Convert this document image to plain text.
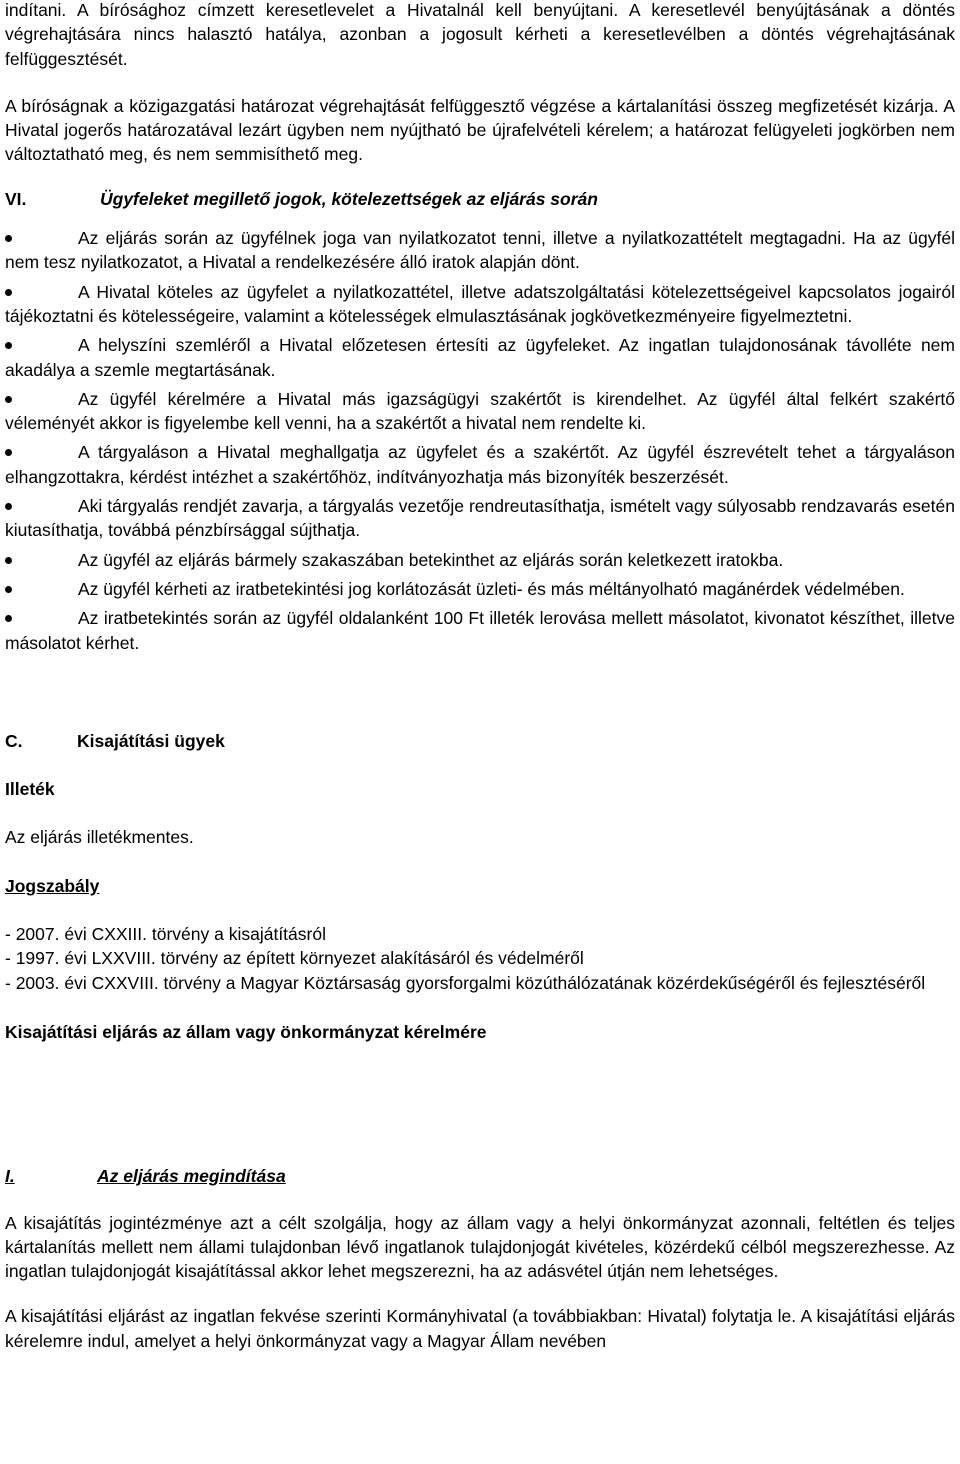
indítani. A bírósághoz címzett keresetlevelet a Hivatalnál kell benyújtani. A keresetlevél benyújtásának a döntés végrehajtására nincs halasztó hatálya, azonban a jogosult kérheti a keresetlevélben a döntés végrehajtásának felfüggesztését.

A bíróságnak a közigazgatási határozat végrehajtását felfüggesztő végzése a kártalanítási összeg megfizetését kizárja. A Hivatal jogerős határozatával lezárt ügyben nem nyújtható be újrafelvételi kérelem; a határozat felügyeleti jogkörben nem változtatható meg, és nem semmisíthető meg.

VI.	Ügyfeleket megillető jogok, kötelezettségek az eljárás során

Az eljárás során az ügyfélnek joga van nyilatkozatot tenni, illetve a nyilatkozattételt megtagadni. Ha az ügyfél nem tesz nyilatkozatot, a Hivatal a rendelkezésére álló iratok alapján dönt.

A Hivatal köteles az ügyfelet a nyilatkozattétel, illetve adatszolgáltatási kötelezettségeivel kapcsolatos jogairól tájékoztatni és kötelességeire, valamint a kötelességek elmulasztásának jogkövetkezményeire figyelmeztetni.

A helyszíni szemléről a Hivatal előzetesen értesíti az ügyfeleket. Az ingatlan tulajdonosának távolléte nem akadálya a szemle megtartásának.

Az ügyfél kérelmére a Hivatal más igazságügyi szakértőt is kirendelhet. Az ügyfél által felkért szakértő véleményét akkor is figyelembe kell venni, ha a szakértőt a hivatal nem rendelte ki.

A tárgyaláson a Hivatal meghallgatja az ügyfelet és a szakértőt. Az ügyfél észrevételt tehet a tárgyaláson elhangzottakra, kérdést intézhet a szakértőhöz, indítványozhatja más bizonyíték beszerzését.

Aki tárgyalás rendjét zavarja, a tárgyalás vezetője rendreutasíthatja, ismételt vagy súlyosabb rendzavarás esetén kiutasíthatja, továbbá pénzbírsággal sújthatja.

Az ügyfél az eljárás bármely szakaszában betekinthet az eljárás során keletkezett iratokba.

Az ügyfél kérheti az iratbetekintési jog korlátozását üzleti- és más méltányolható magánérdek védelmében.

Az iratbetekintés során az ügyfél oldalanként 100 Ft illeték lerovása mellett másolatot, kivonatot készíthet, illetve másolatot kérhet.

C.	Kisajátítási ügyek

Illeték

Az eljárás illetékmentes.

Jogszabály

- 2007. évi CXXIII. törvény a kisajátításról

- 1997. évi LXXVIII. törvény az épített környezet alakításáról és védelméről

- 2003. évi CXXVIII. törvény a Magyar Köztársaság gyorsforgalmi közúthálózatának közérdekűségéről és fejlesztéséről

Kisajátítási eljárás az állam vagy önkormányzat kérelmére

I.	Az eljárás megindítása

A kisajátítás jogintézménye azt a célt szolgálja, hogy az állam vagy a helyi önkormányzat azonnali, feltétlen és teljes kártalanítás mellett nem állami tulajdonban lévő ingatlanok tulajdonjogát kivételes, közérdekű célból megszerezhesse. Az ingatlan tulajdonjogát kisajátítással akkor lehet megszerezni, ha az adásvétel útján nem lehetséges.

A kisajátítási eljárást az ingatlan fekvése szerinti Kormányhivatal (a továbbiakban: Hivatal) folytatja le. A kisajátítási eljárás kérelemre indul, amelyet a helyi önkormányzat vagy a Magyar Állam nevében
